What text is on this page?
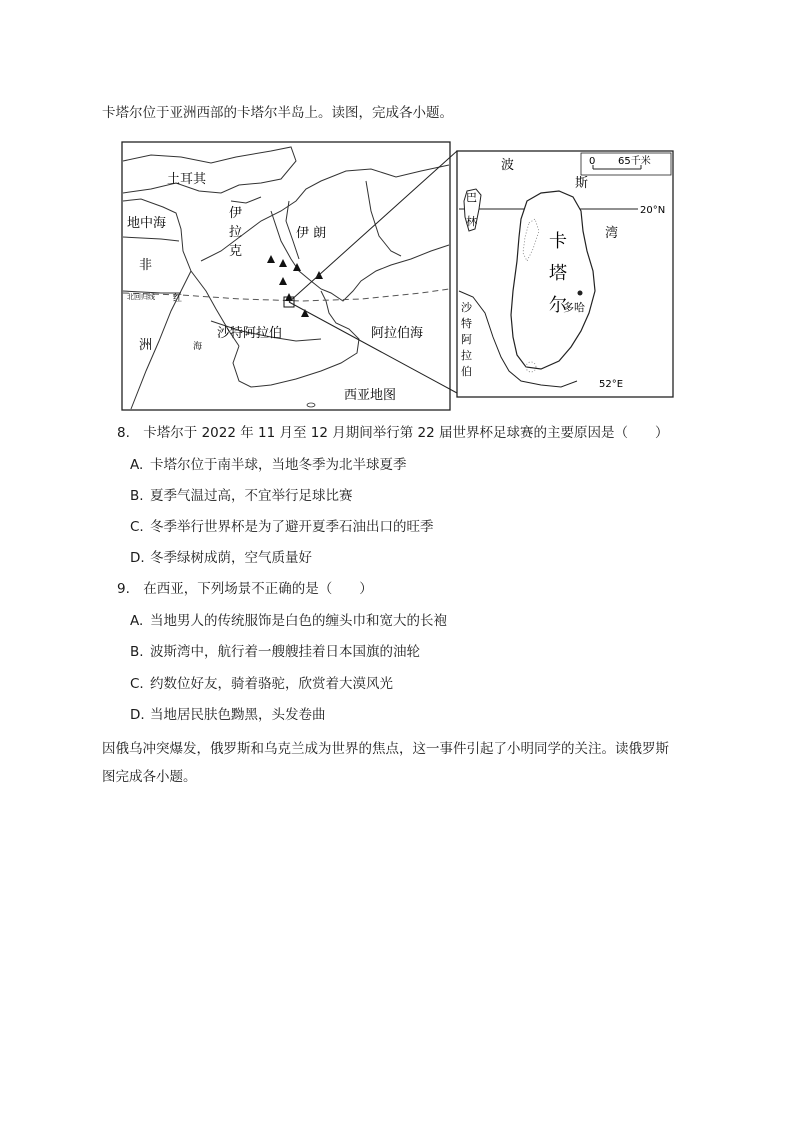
卡塔尔位于亚洲西部的卡塔尔半岛上。读图，完成各小题。
土耳其
地中海
伊
拉
克
伊 朗
非
洲
北回归线 红
海
沙特阿拉伯	阿拉伯海
西亚地图
0 65千米
20°N
波
斯
湾
巴
林
卡
塔
尔
多哈
沙
特
阿
拉
伯
52°E
8. 卡塔尔于 2022 年 11 月至 12 月期间举行第 22 届世界杯足球赛的主要原因是（　　）
A. 卡塔尔位于南半球，当地冬季为北半球夏季
B. 夏季气温过高，不宜举行足球比赛
C. 冬季举行世界杯是为了避开夏季石油出口的旺季
D. 冬季绿树成荫，空气质量好
9. 在西亚，下列场景不正确的是（　　）
A. 当地男人的传统服饰是白色的缠头巾和宽大的长袍
B. 波斯湾中，航行着一艘艘挂着日本国旗的油轮
C. 约数位好友，骑着骆驼，欣赏着大漠风光
D. 当地居民肤色黝黑，头发卷曲
因俄乌冲突爆发，俄罗斯和乌克兰成为世界的焦点，这一事件引起了小明同学的关注。读俄罗斯
图完成各小题。
